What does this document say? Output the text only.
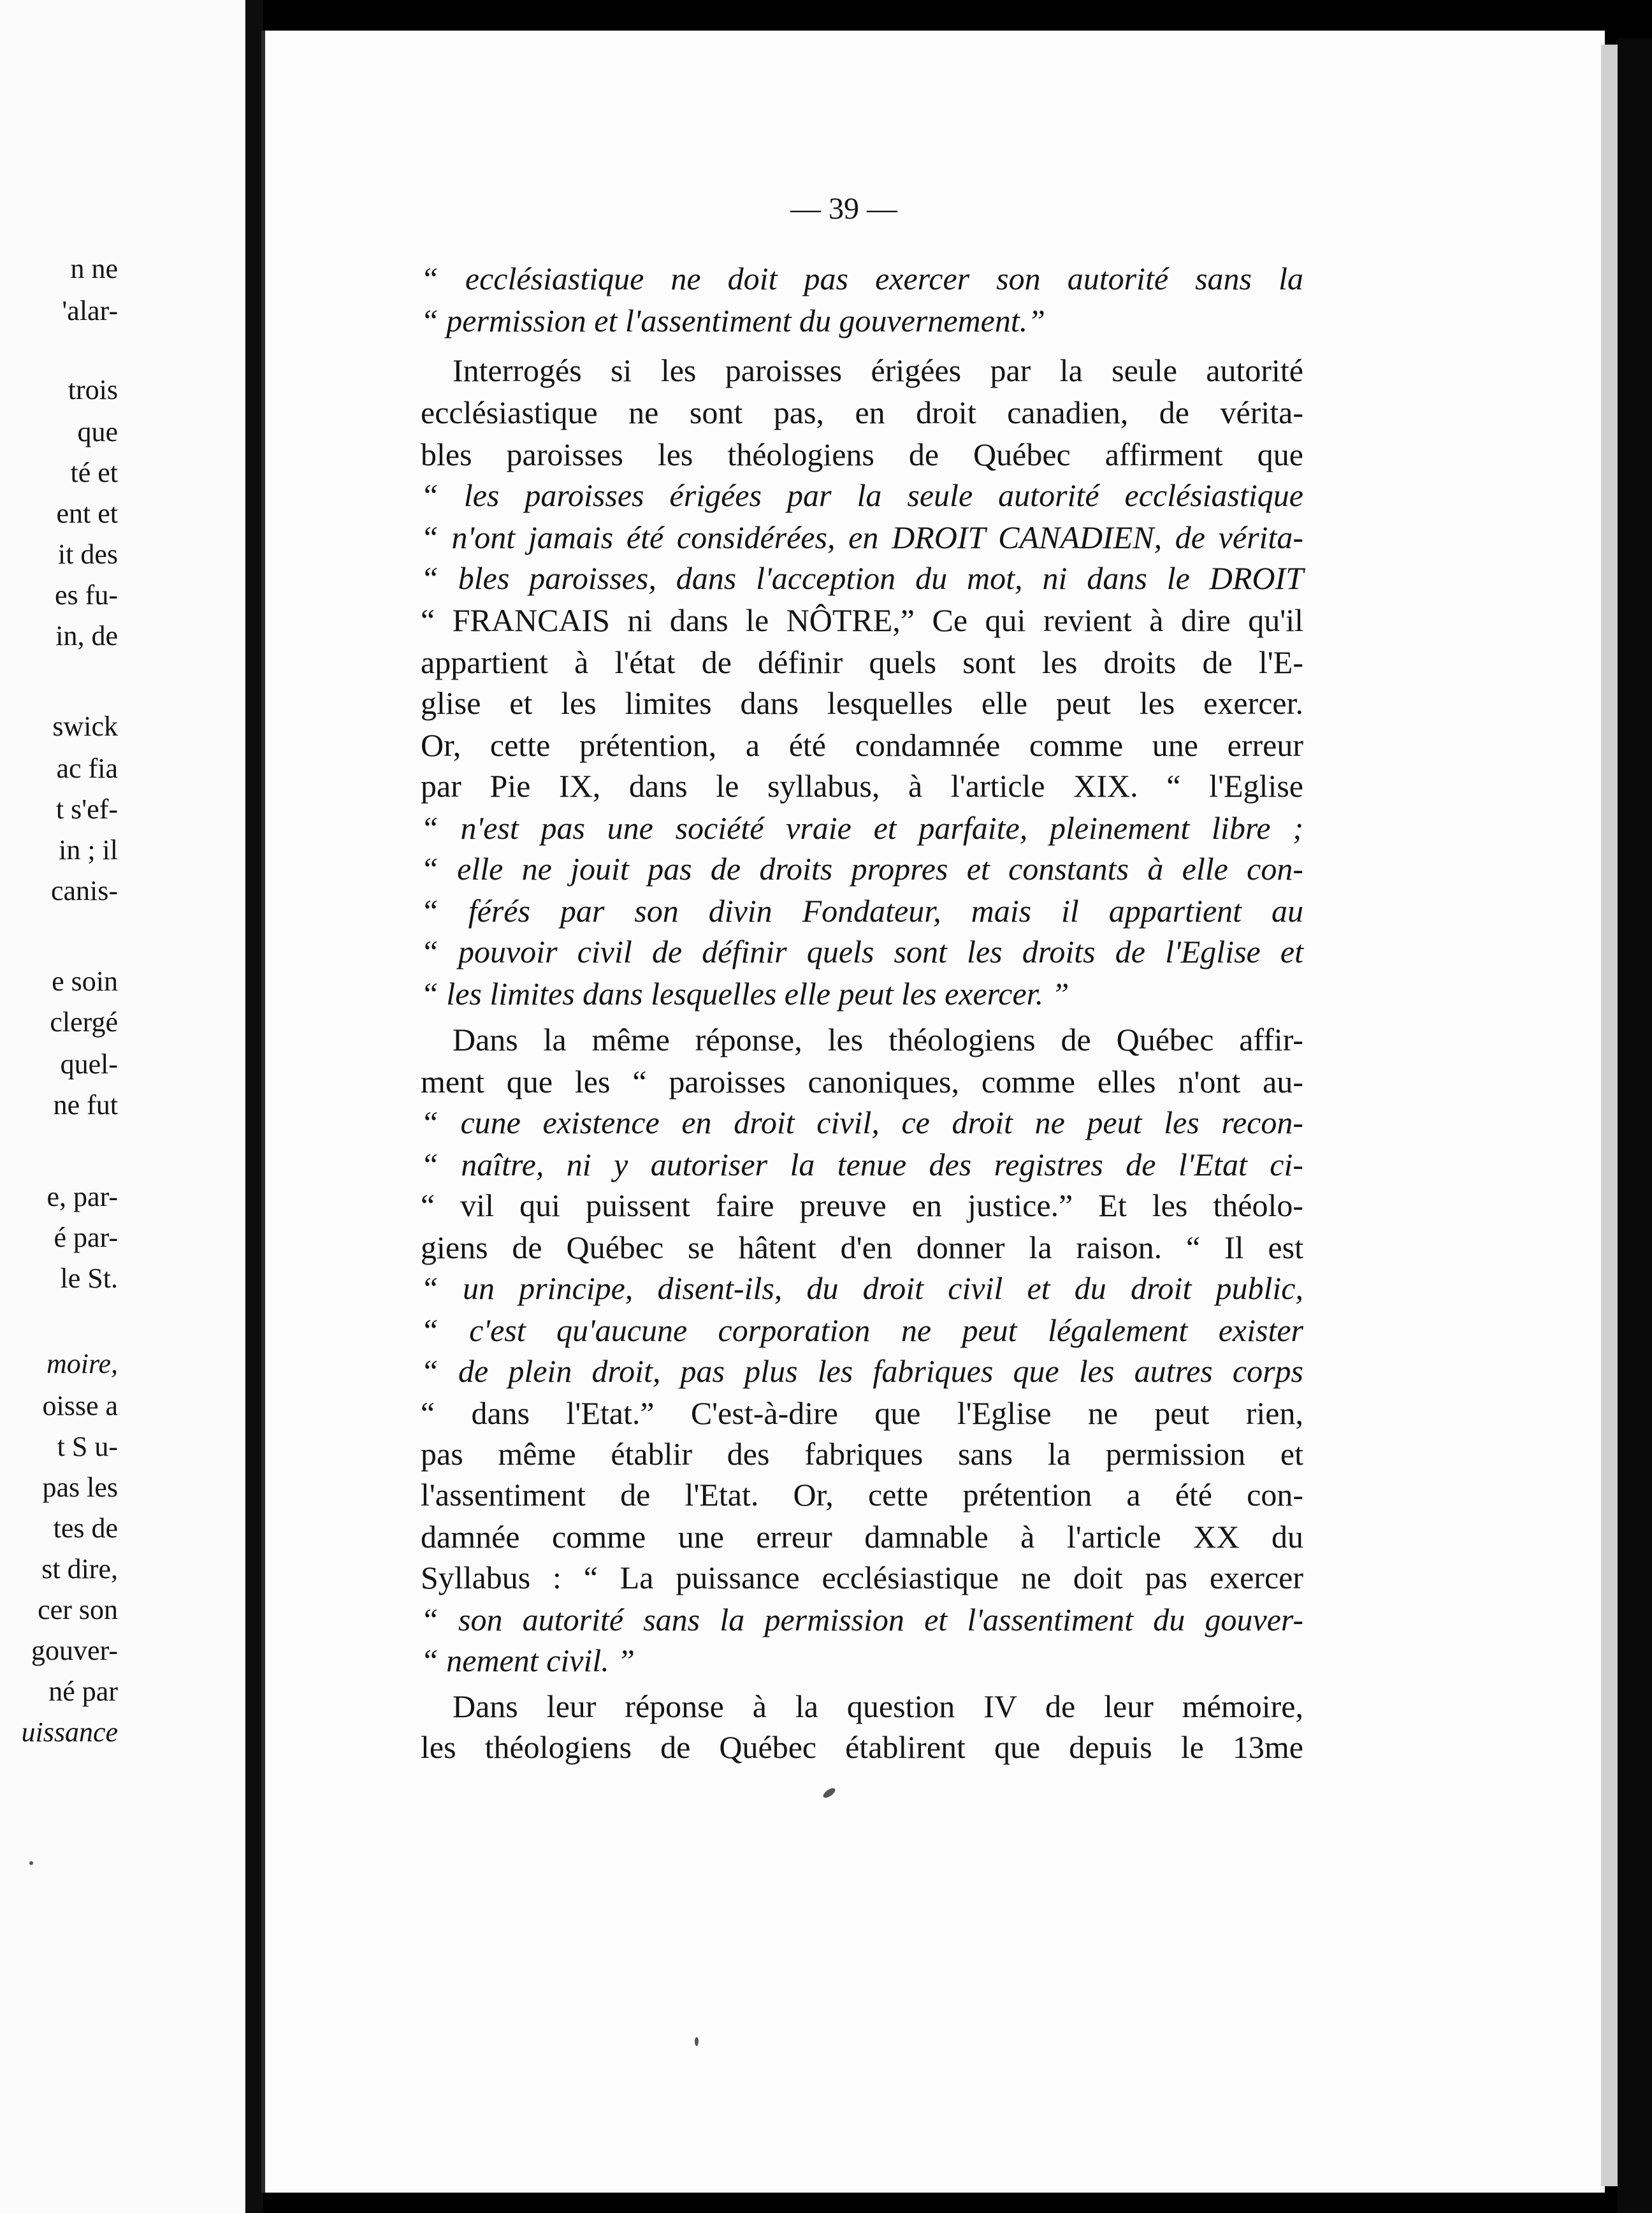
n ne
'alar-
trois
que
té et
ent et
it des
es fu-
in, de
swick
ac fia
t s'ef-
in ; il
canis-
e soin
clergé
quel-
ne fut
e, par-
é par-
le St.
moire,
oisse a
t S u-
pas les
tes de
st dire,
cer son
gouver-
né par
uissance
— 39 —
“ ecclésiastique ne doit pas exercer son autorité sans la
“ permission et l'assentiment du gouvernement.”
Interrogés si les paroisses érigées par la seule autorité
ecclésiastique ne sont pas, en droit canadien, de vérita-
bles paroisses les théologiens de Québec affirment que
“ les paroisses érigées par la seule autorité ecclésiastique
“ n'ont jamais été considérées, en DROIT CANADIEN, de vérita-
“ bles paroisses, dans l'acception du mot, ni dans le DROIT
“ FRANCAIS ni dans le NÔTRE,” Ce qui revient à dire qu'il
appartient à l'état de définir quels sont les droits de l'E-
glise et les limites dans lesquelles elle peut les exercer.
Or, cette prétention, a été condamnée comme une erreur
par Pie IX, dans le syllabus, à l'article XIX. “ l'Eglise
“ n'est pas une société vraie et parfaite, pleinement libre ;
“ elle ne jouit pas de droits propres et constants à elle con-
“ férés par son divin Fondateur, mais il appartient au
“ pouvoir civil de définir quels sont les droits de l'Eglise et
“ les limites dans lesquelles elle peut les exercer. ”
Dans la même réponse, les théologiens de Québec affir-
ment que les “ paroisses canoniques, comme elles n'ont au-
“ cune existence en droit civil, ce droit ne peut les recon-
“ naître, ni y autoriser la tenue des registres de l'Etat ci-
“ vil qui puissent faire preuve en justice.” Et les théolo-
giens de Québec se hâtent d'en donner la raison. “ Il est
“ un principe, disent-ils, du droit civil et du droit public,
“ c'est qu'aucune corporation ne peut légalement exister
“ de plein droit, pas plus les fabriques que les autres corps
“ dans l'Etat.” C'est-à-dire que l'Eglise ne peut rien,
pas même établir des fabriques sans la permission et
l'assentiment de l'Etat. Or, cette prétention a été con-
damnée comme une erreur damnable à l'article XX du
Syllabus : “ La puissance ecclésiastique ne doit pas exercer
“ son autorité sans la permission et l'assentiment du gouver-
“ nement civil. ”
Dans leur réponse à la question IV de leur mémoire,
les théologiens de Québec établirent que depuis le 13me
